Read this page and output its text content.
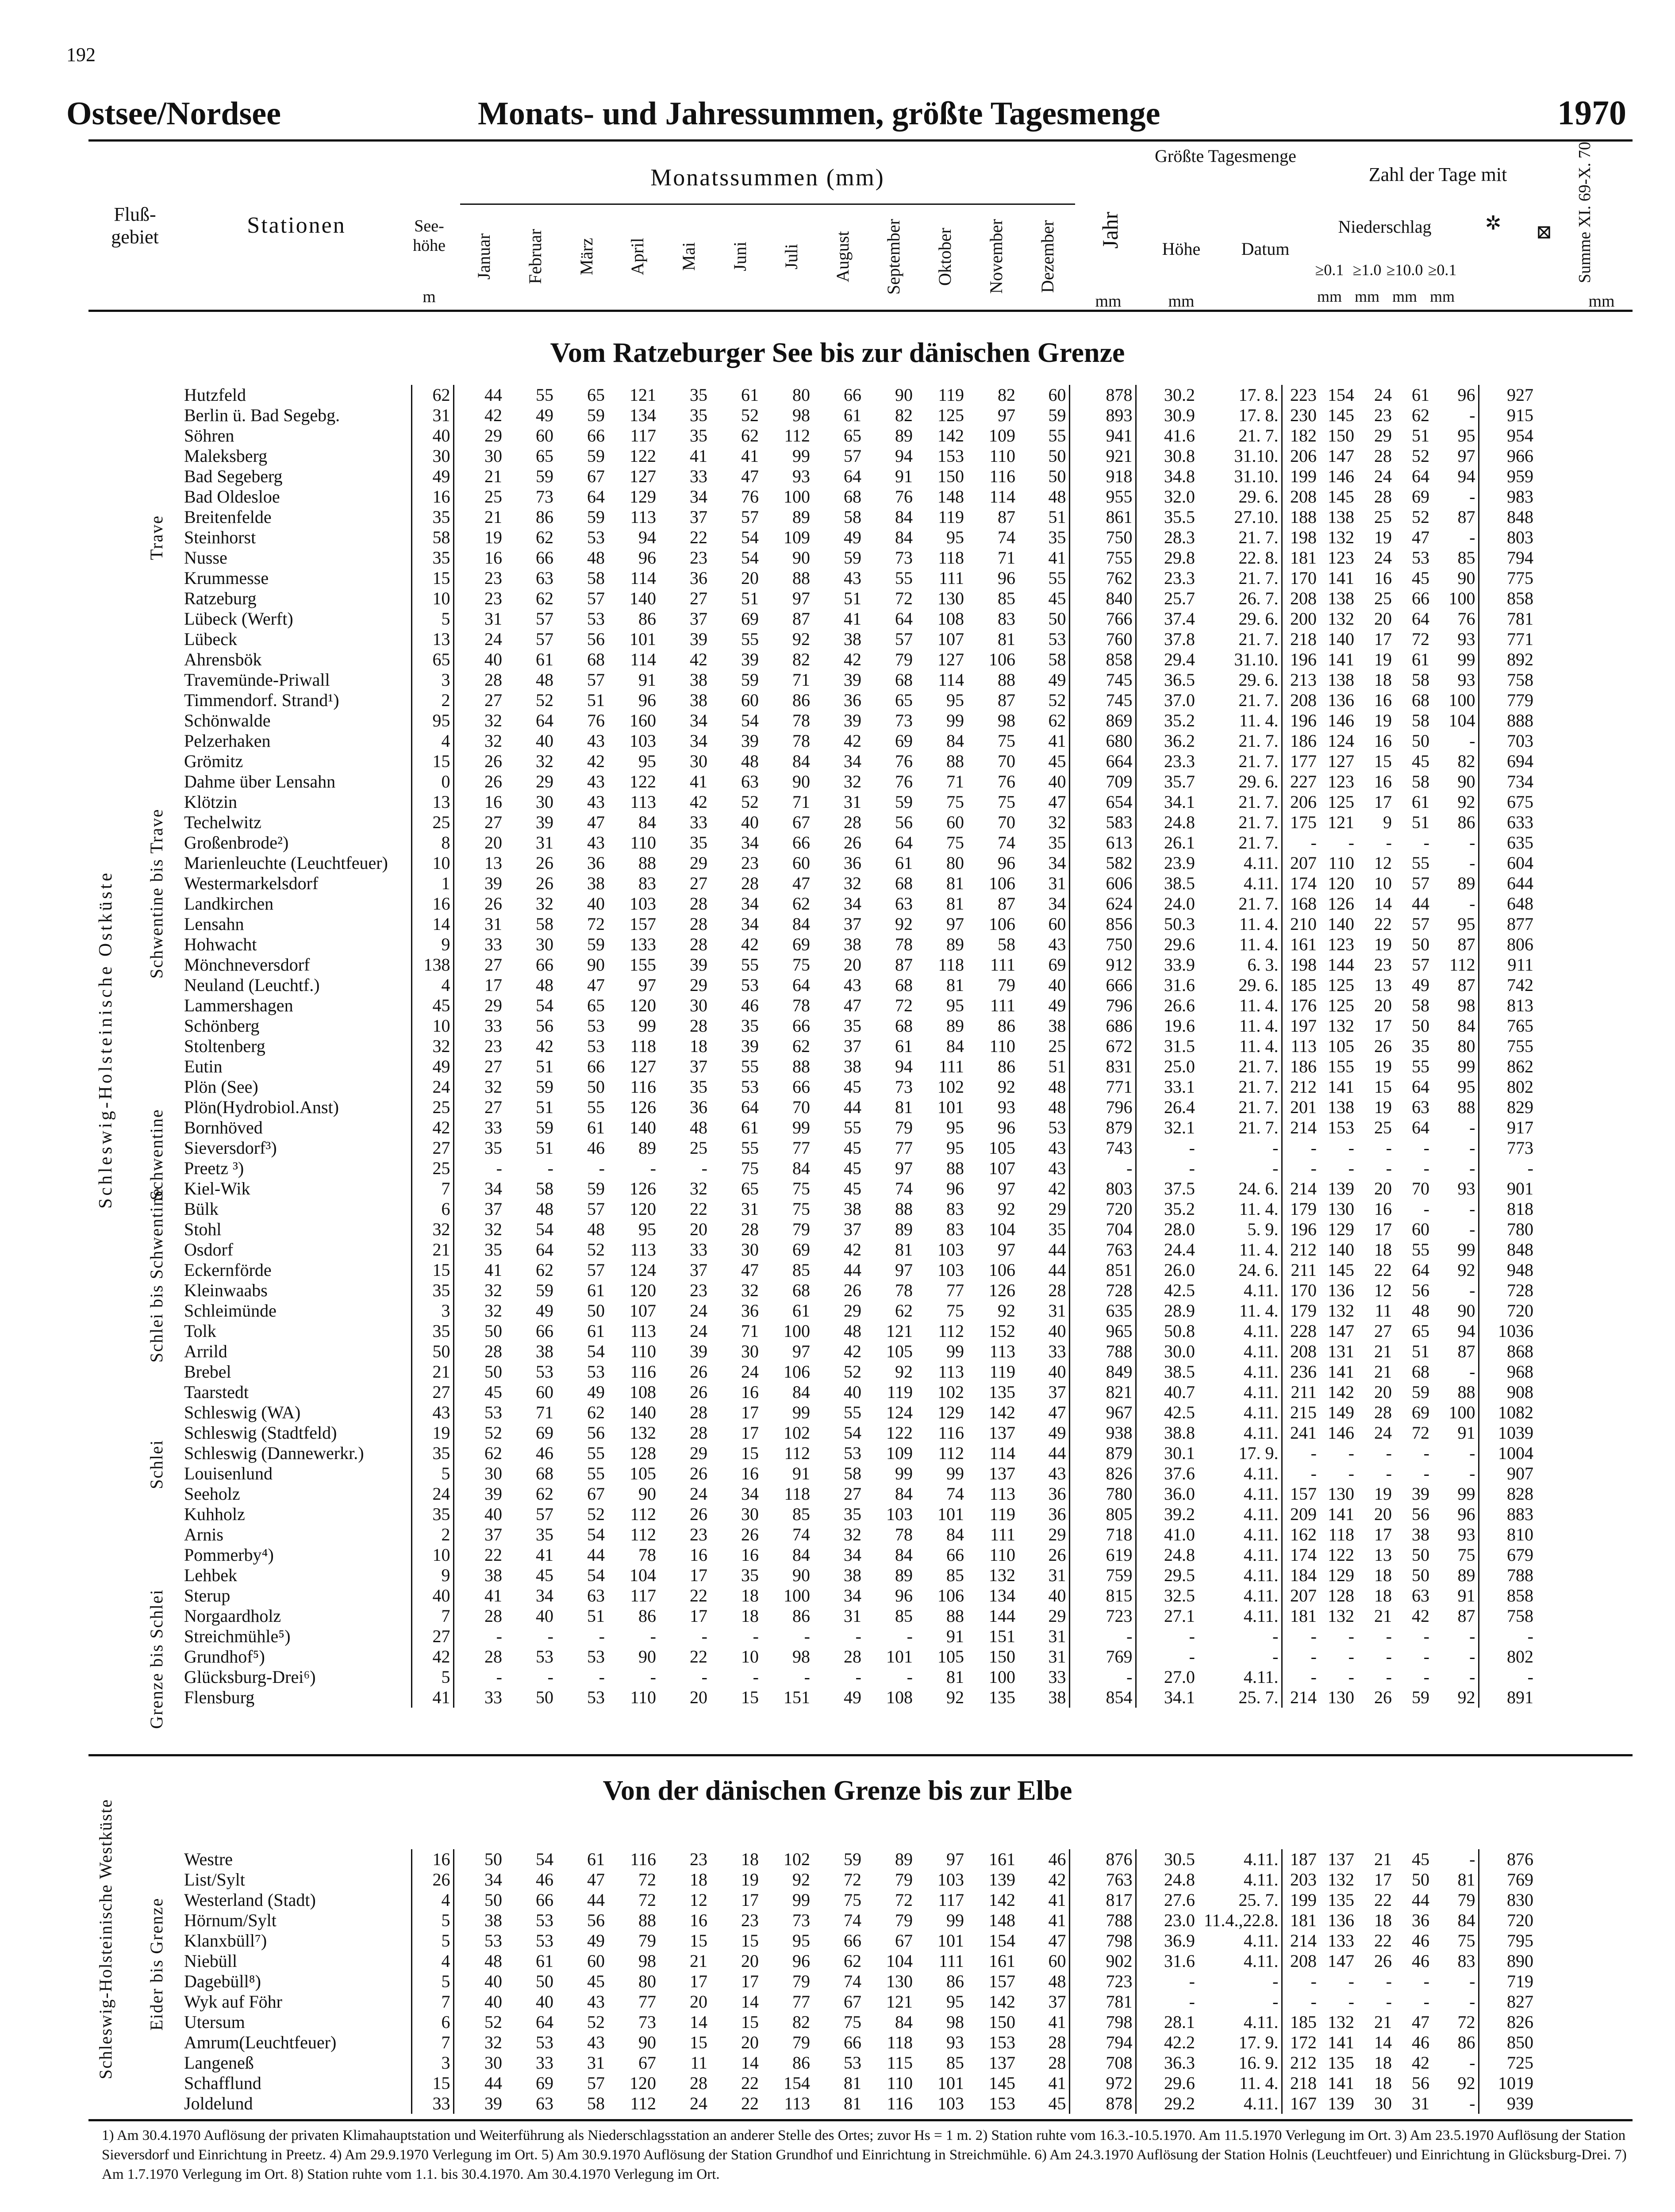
192
Ostsee/Nordsee	Monats- und Jahressummen, größte Tagesmenge	1970
Fluß-gebiet	Stationen	See-höhe
m
Monatssummen (mm)
Januar Februar März April Mai Juni Juli August September Oktober November Dezember
mm
Jahr
Größte Tagesmenge
Höhe
mm
Datum
Zahl der Tage mit
Niederschlag	✲	⊠
≥0.1
mm
≥1.0
mm
≥10.0
mm
≥0.1
mm
Summe XI. 69-X. 70
mm
Vom Ratzeburger See bis zur dänischen Grenze
Schleswig-Holsteinische Ostküste
Trave
Schwentine bis Trave
Schwentine
Schlei bis Schwentine
Schlei
Grenze bis Schlei
Hutzfeld	62	44	55	65	121	35	61	80	66	90	119	82	60	878	30.2	17. 8.	223	154	24	61	96	927
Berlin ü. Bad Segebg.	31	42	49	59	134	35	52	98	61	82	125	97	59	893	30.9	17. 8.	230	145	23	62	-	915
Söhren	40	29	60	66	117	35	62	112	65	89	142	109	55	941	41.6	21. 7.	182	150	29	51	95	954
Maleksberg	30	30	65	59	122	41	41	99	57	94	153	110	50	921	30.8	31.10.	206	147	28	52	97	966
Bad Segeberg	49	21	59	67	127	33	47	93	64	91	150	116	50	918	34.8	31.10.	199	146	24	64	94	959
Bad Oldesloe	16	25	73	64	129	34	76	100	68	76	148	114	48	955	32.0	29. 6.	208	145	28	69	-	983
Breitenfelde	35	21	86	59	113	37	57	89	58	84	119	87	51	861	35.5	27.10.	188	138	25	52	87	848
Steinhorst	58	19	62	53	94	22	54	109	49	84	95	74	35	750	28.3	21. 7.	198	132	19	47	-	803
Nusse	35	16	66	48	96	23	54	90	59	73	118	71	41	755	29.8	22. 8.	181	123	24	53	85	794
Krummesse	15	23	63	58	114	36	20	88	43	55	111	96	55	762	23.3	21. 7.	170	141	16	45	90	775
Ratzeburg	10	23	62	57	140	27	51	97	51	72	130	85	45	840	25.7	26. 7.	208	138	25	66	100	858
Lübeck (Werft)	5	31	57	53	86	37	69	87	41	64	108	83	50	766	37.4	29. 6.	200	132	20	64	76	781
Lübeck	13	24	57	56	101	39	55	92	38	57	107	81	53	760	37.8	21. 7.	218	140	17	72	93	771
Ahrensbök	65	40	61	68	114	42	39	82	42	79	127	106	58	858	29.4	31.10.	196	141	19	61	99	892
Travemünde-Priwall	3	28	48	57	91	38	59	71	39	68	114	88	49	745	36.5	29. 6.	213	138	18	58	93	758
Timmendorf. Strand¹)	2	27	52	51	96	38	60	86	36	65	95	87	52	745	37.0	21. 7.	208	136	16	68	100	779
Schönwalde	95	32	64	76	160	34	54	78	39	73	99	98	62	869	35.2	11. 4.	196	146	19	58	104	888
Pelzerhaken	4	32	40	43	103	34	39	78	42	69	84	75	41	680	36.2	21. 7.	186	124	16	50	-	703
Grömitz	15	26	32	42	95	30	48	84	34	76	88	70	45	664	23.3	21. 7.	177	127	15	45	82	694
Dahme über Lensahn	0	26	29	43	122	41	63	90	32	76	71	76	40	709	35.7	29. 6.	227	123	16	58	90	734
Klötzin	13	16	30	43	113	42	52	71	31	59	75	75	47	654	34.1	21. 7.	206	125	17	61	92	675
Techelwitz	25	27	39	47	84	33	40	67	28	56	60	70	32	583	24.8	21. 7.	175	121	9	51	86	633
Großenbrode²)	8	20	31	43	110	35	34	66	26	64	75	74	35	613	26.1	21. 7.	-	-	-	-	-	635
Marienleuchte (Leuchtfeuer)	10	13	26	36	88	29	23	60	36	61	80	96	34	582	23.9	4.11.	207	110	12	55	-	604
Westermarkelsdorf	1	39	26	38	83	27	28	47	32	68	81	106	31	606	38.5	4.11.	174	120	10	57	89	644
Landkirchen	16	26	32	40	103	28	34	62	34	63	81	87	34	624	24.0	21. 7.	168	126	14	44	-	648
Lensahn	14	31	58	72	157	28	34	84	37	92	97	106	60	856	50.3	11. 4.	210	140	22	57	95	877
Hohwacht	9	33	30	59	133	28	42	69	38	78	89	58	43	750	29.6	11. 4.	161	123	19	50	87	806
Mönchneversdorf	138	27	66	90	155	39	55	75	20	87	118	111	69	912	33.9	6. 3.	198	144	23	57	112	911
Neuland (Leuchtf.)	4	17	48	47	97	29	53	64	43	68	81	79	40	666	31.6	29. 6.	185	125	13	49	87	742
Lammershagen	45	29	54	65	120	30	46	78	47	72	95	111	49	796	26.6	11. 4.	176	125	20	58	98	813
Schönberg	10	33	56	53	99	28	35	66	35	68	89	86	38	686	19.6	11. 4.	197	132	17	50	84	765
Stoltenberg	32	23	42	53	118	18	39	62	37	61	84	110	25	672	31.5	11. 4.	113	105	26	35	80	755
Eutin	49	27	51	66	127	37	55	88	38	94	111	86	51	831	25.0	21. 7.	186	155	19	55	99	862
Plön (See)	24	32	59	50	116	35	53	66	45	73	102	92	48	771	33.1	21. 7.	212	141	15	64	95	802
Plön(Hydrobiol.Anst)	25	27	51	55	126	36	64	70	44	81	101	93	48	796	26.4	21. 7.	201	138	19	63	88	829
Bornhöved	42	33	59	61	140	48	61	99	55	79	95	96	53	879	32.1	21. 7.	214	153	25	64	-	917
Sieversdorf³)	27	35	51	46	89	25	55	77	45	77	95	105	43	743	-	-	-	-	-	-	-	773
Preetz ³)	25	-	-	-	-	-	75	84	45	97	88	107	43	-	-	-	-	-	-	-	-	-
Kiel-Wik	7	34	58	59	126	32	65	75	45	74	96	97	42	803	37.5	24. 6.	214	139	20	70	93	901
Bülk	6	37	48	57	120	22	31	75	38	88	83	92	29	720	35.2	11. 4.	179	130	16	-	-	818
Stohl	32	32	54	48	95	20	28	79	37	89	83	104	35	704	28.0	5. 9.	196	129	17	60	-	780
Osdorf	21	35	64	52	113	33	30	69	42	81	103	97	44	763	24.4	11. 4.	212	140	18	55	99	848
Eckernförde	15	41	62	57	124	37	47	85	44	97	103	106	44	851	26.0	24. 6.	211	145	22	64	92	948
Kleinwaabs	35	32	59	61	120	23	32	68	26	78	77	126	28	728	42.5	4.11.	170	136	12	56	-	728
Schleimünde	3	32	49	50	107	24	36	61	29	62	75	92	31	635	28.9	11. 4.	179	132	11	48	90	720
Tolk	35	50	66	61	113	24	71	100	48	121	112	152	40	965	50.8	4.11.	228	147	27	65	94	1036
Arrild	50	28	38	54	110	39	30	97	42	105	99	113	33	788	30.0	4.11.	208	131	21	51	87	868
Brebel	21	50	53	53	116	26	24	106	52	92	113	119	40	849	38.5	4.11.	236	141	21	68	-	968
Taarstedt	27	45	60	49	108	26	16	84	40	119	102	135	37	821	40.7	4.11.	211	142	20	59	88	908
Schleswig (WA)	43	53	71	62	140	28	17	99	55	124	129	142	47	967	42.5	4.11.	215	149	28	69	100	1082
Schleswig (Stadtfeld)	19	52	69	56	132	28	17	102	54	122	116	137	49	938	38.8	4.11.	241	146	24	72	91	1039
Schleswig (Dannewerkr.)	35	62	46	55	128	29	15	112	53	109	112	114	44	879	30.1	17. 9.	-	-	-	-	-	1004
Louisenlund	5	30	68	55	105	26	16	91	58	99	99	137	43	826	37.6	4.11.	-	-	-	-	-	907
Seeholz	24	39	62	67	90	24	34	118	27	84	74	113	36	780	36.0	4.11.	157	130	19	39	99	828
Kuhholz	35	40	57	52	112	26	30	85	35	103	101	119	36	805	39.2	4.11.	209	141	20	56	96	883
Arnis	2	37	35	54	112	23	26	74	32	78	84	111	29	718	41.0	4.11.	162	118	17	38	93	810
Pommerby⁴)	10	22	41	44	78	16	16	84	34	84	66	110	26	619	24.8	4.11.	174	122	13	50	75	679
Lehbek	9	38	45	54	104	17	35	90	38	89	85	132	31	759	29.5	4.11.	184	129	18	50	89	788
Sterup	40	41	34	63	117	22	18	100	34	96	106	134	40	815	32.5	4.11.	207	128	18	63	91	858
Norgaardholz	7	28	40	51	86	17	18	86	31	85	88	144	29	723	27.1	4.11.	181	132	21	42	87	758
Streichmühle⁵)	27	-	-	-	-	-	-	-	-	-	91	151	31	-	-	-	-	-	-	-	-	-
Grundhof⁵)	42	28	53	53	90	22	10	98	28	101	105	150	31	769	-	-	-	-	-	-	-	802
Glücksburg-Drei⁶)	5	-	-	-	-	-	-	-	-	-	81	100	33	-	27.0	4.11.	-	-	-	-	-	-
Flensburg	41	33	50	53	110	20	15	151	49	108	92	135	38	854	34.1	25. 7.	214	130	26	59	92	891
Von der dänischen Grenze bis zur Elbe
Schleswig-Holsteinische Westküste Eider bis Grenze
Westre	16	50	54	61	116	23	18	102	59	89	97	161	46	876	30.5	4.11.	187	137	21	45	-	876
List/Sylt	26	34	46	47	72	18	19	92	72	79	103	139	42	763	24.8	4.11.	203	132	17	50	81	769
Westerland (Stadt)	4	50	66	44	72	12	17	99	75	72	117	142	41	817	27.6	25. 7.	199	135	22	44	79	830
Hörnum/Sylt	5	38	53	56	88	16	23	73	74	79	99	148	41	788	23.0	11.4.,22.8.	181	136	18	36	84	720
Klanxbüll⁷)	5	53	53	49	79	15	15	95	66	67	101	154	47	798	36.9	4.11.	214	133	22	46	75	795
Niebüll	4	48	61	60	98	21	20	96	62	104	111	161	60	902	31.6	4.11.	208	147	26	46	83	890
Dagebüll⁸)	5	40	50	45	80	17	17	79	74	130	86	157	48	723	-	-	-	-	-	-	-	719
Wyk auf Föhr	7	40	40	43	77	20	14	77	67	121	95	142	37	781	-	-	-	-	-	-	-	827
Utersum	6	52	64	52	73	14	15	82	75	84	98	150	41	798	28.1	4.11.	185	132	21	47	72	826
Amrum(Leuchtfeuer)	7	32	53	43	90	15	20	79	66	118	93	153	28	794	42.2	17. 9.	172	141	14	46	86	850
Langeneß	3	30	33	31	67	11	14	86	53	115	85	137	28	708	36.3	16. 9.	212	135	18	42	-	725
Schafflund	15	44	69	57	120	28	22	154	81	110	101	145	41	972	29.6	11. 4.	218	141	18	56	92	1019
Joldelund	33	39	63	58	112	24	22	113	81	116	103	153	45	878	29.2	4.11.	167	139	30	31	-	939
1) Am 30.4.1970 Auflösung der privaten Klimahauptstation und Weiterführung als Niederschlagsstation an anderer Stelle des Ortes; zuvor Hs = 1 m. 2) Station ruhte vom 16.3.-10.5.1970. Am 11.5.1970 Verlegung im Ort. 3) Am 23.5.1970 Auflösung der Station Sieversdorf und Einrichtung in Preetz. 4) Am 29.9.1970 Verlegung im Ort. 5) Am 30.9.1970 Auflösung der Station Grundhof und Einrichtung in Streichmühle. 6) Am 24.3.1970 Auflösung der Station Holnis (Leuchtfeuer) und Einrichtung in Glücksburg-Drei. 7) Am 1.7.1970 Verlegung im Ort. 8) Station ruhte vom 1.1. bis 30.4.1970. Am 30.4.1970 Verlegung im Ort.
